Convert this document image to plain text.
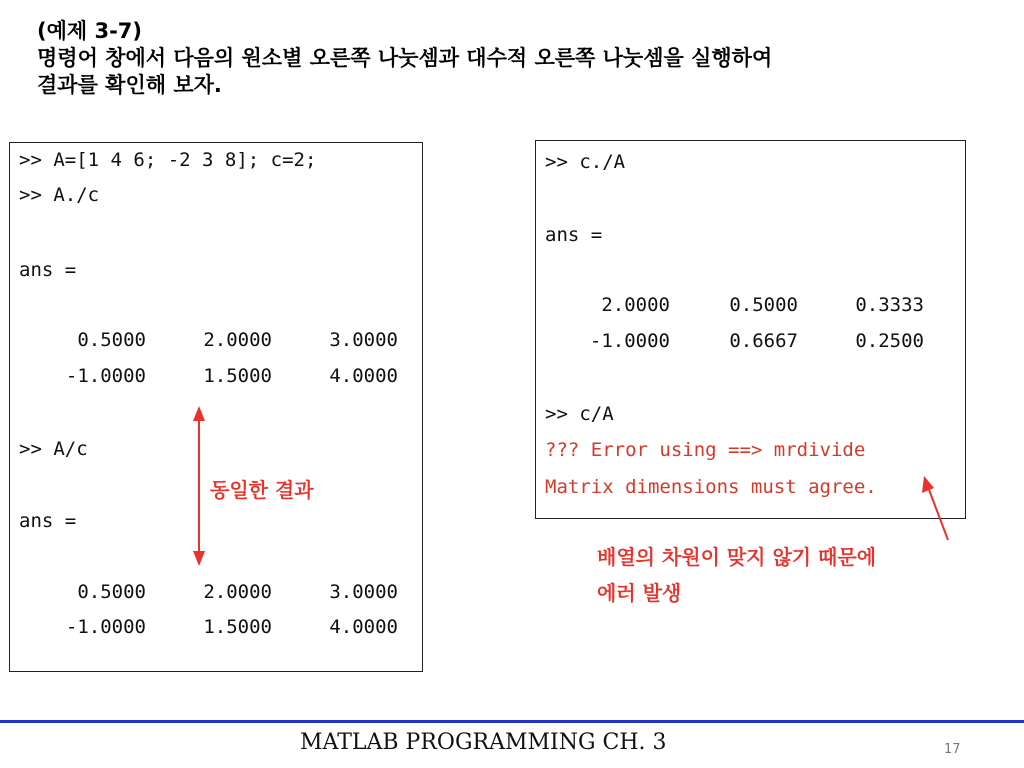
(예제 3-7)
명령어 창에서 다음의 원소별 오른쪽 나눗셈과 대수적 오른쪽 나눗셈을 실행하여
결과를 확인해 보자.
>> A=[1 4 6; -2 3 8]; c=2;
>> A./c
ans =
0.5000	2.0000	3.0000
-1.0000	1.5000	4.0000
>> A/c
ans =
0.5000	2.0000	3.0000
-1.0000	1.5000	4.0000
>> c./A
ans =
2.0000	0.5000	0.3333
-1.0000	0.6667	0.2500
>> c/A
??? Error using ==> mrdivide
Matrix dimensions must agree.
동일한 결과
배열의 차원이 맞지 않기 때문에
에러 발생
MATLAB PROGRAMMING CH. 3	17
